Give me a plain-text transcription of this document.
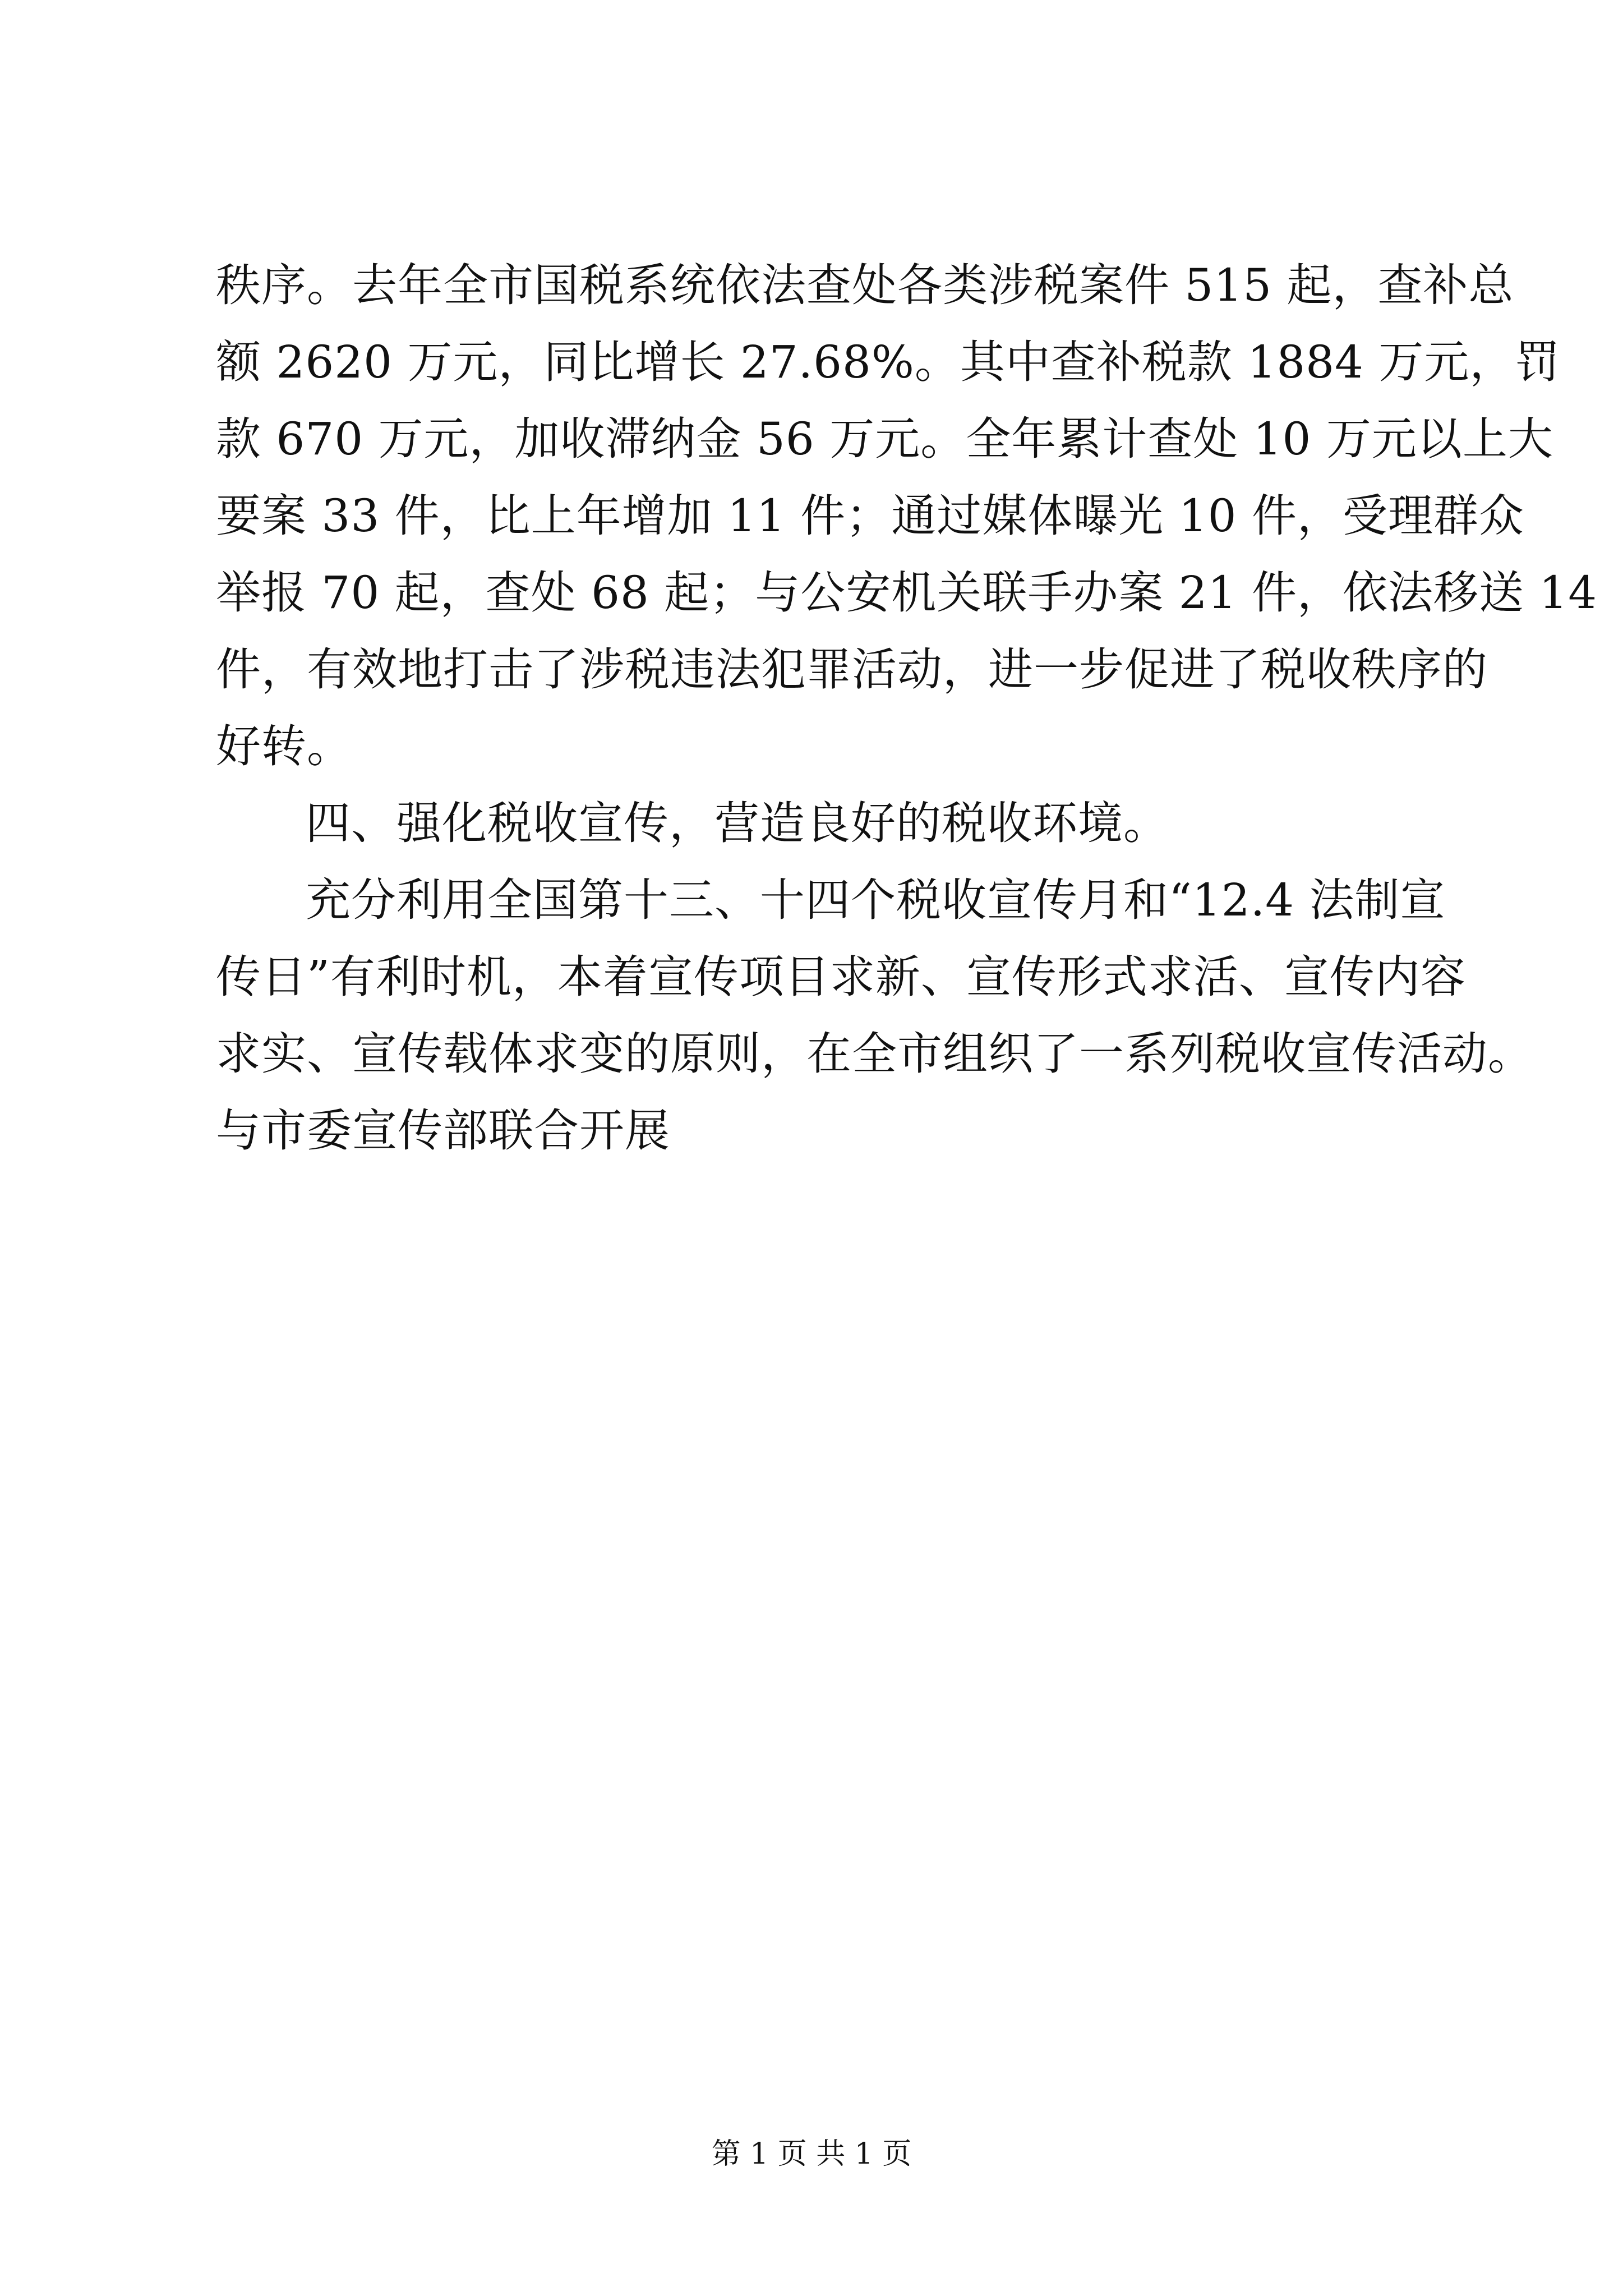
秩序。去年全市国税系统依法查处各类涉税案件 515 起，查补总
额 2620 万元，同比增长 27.68%。其中查补税款 1884 万元，罚
款 670 万元，加收滞纳金 56 万元。全年累计查处 10 万元以上大
要案 33 件，比上年增加 11 件；通过媒体曝光 10 件，受理群众
举报 70 起，查处 68 起；与公安机关联手办案 21 件，依法移送 14
件，有效地打击了涉税违法犯罪活动，进一步促进了税收秩序的
好转。
四、强化税收宣传，营造良好的税收环境。
充分利用全国第十三、十四个税收宣传月和“12.4 法制宣
传日”有利时机，本着宣传项目求新、宣传形式求活、宣传内容
求实、宣传载体求变的原则，在全市组织了一系列税收宣传活动。
与市委宣传部联合开展
第 1 页 共 1 页
